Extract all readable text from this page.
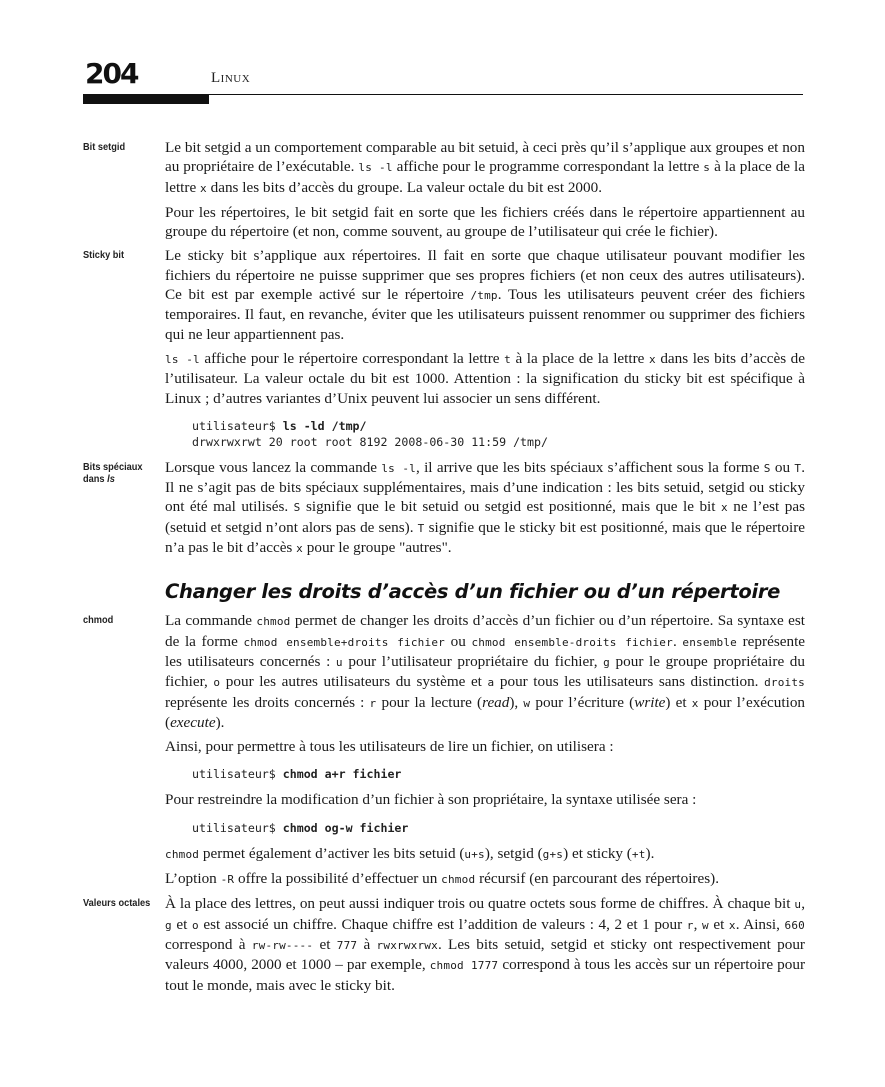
204	Linux
Bit setgid	Le bit setgid a un comportement comparable au bit setuid, à ceci près qu’il s’applique aux groupes et non au propriétaire de l’exécutable. ls -l affiche pour le programme correspondant la lettre s à la place de la lettre x dans les bits d’accès du groupe. La valeur octale du bit est 2000.

Pour les répertoires, le bit setgid fait en sorte que les fichiers créés dans le répertoire appartiennent au groupe du répertoire (et non, comme souvent, au groupe de l’utilisateur qui crée le fichier).

Sticky bit	Le sticky bit s’applique aux répertoires. Il fait en sorte que chaque utilisateur pouvant modifier les fichiers du répertoire ne puisse supprimer que ses propres fichiers (et non ceux des autres utilisateurs). Ce bit est par exemple activé sur le répertoire /tmp. Tous les utilisateurs peuvent créer des fichiers temporaires. Il faut, en revanche, éviter que les utilisateurs puissent renommer ou supprimer des fichiers qui ne leur appartiennent pas.

ls -l affiche pour le répertoire correspondant la lettre t à la place de la lettre x dans les bits d’accès de l’utilisateur. La valeur octale du bit est 1000. Attention : la signification du sticky bit est spécifique à Linux ; d’autres variantes d’Unix peuvent lui associer un sens différent.

utilisateur$ ls -ld /tmp/
drwxrwxrwt 20 root root 8192 2008-06-30 11:59 /tmp/
Bits spéciaux
dans ls

Lorsque vous lancez la commande ls -l, il arrive que les bits spéciaux s’affichent sous la forme S ou T. Il ne s’agit pas de bits spéciaux supplémentaires, mais d’une indication : les bits setuid, setgid ou sticky ont été mal utilisés. S signifie que le bit setuid ou setgid est positionné, mais que le bit x ne l’est pas (setuid et setgid n’ont alors pas de sens). T signifie que le sticky bit est positionné, mais que le répertoire n’a pas le bit d’accès x pour le groupe "autres".

Changer les droits d’accès d’un fichier ou d’un répertoire
chmod	La commande chmod permet de changer les droits d’accès d’un fichier ou d’un répertoire. Sa syntaxe est de la forme chmod ensemble+droits fichier ou chmod ensemble-droits fichier. ensemble représente les utilisateurs concernés : u pour l’utilisateur propriétaire du fichier, g pour le groupe propriétaire du fichier, o pour les autres utilisateurs du système et a pour tous les utilisateurs sans distinction. droits représente les droits concernés : r pour la lecture (read), w pour l’écriture (write) et x pour l’exécution (execute).

Ainsi, pour permettre à tous les utilisateurs de lire un fichier, on utilisera :

utilisateur$ chmod a+r fichier

Pour restreindre la modification d’un fichier à son propriétaire, la syntaxe utilisée sera :

utilisateur$ chmod og-w fichier

chmod permet également d’activer les bits setuid (u+s), setgid (g+s) et sticky (+t).

L’option -R offre la possibilité d’effectuer un chmod récursif (en parcourant des répertoires).

Valeurs octales À la place des lettres, on peut aussi indiquer trois ou quatre octets sous forme de chiffres. À chaque bit u, g et o est associé un chiffre. Chaque chiffre est l’addition de valeurs : 4, 2 et 1 pour r, w et x. Ainsi, 660 correspond à rw-rw---- et 777 à rwxrwxrwx. Les bits setuid, setgid et sticky ont respectivement pour valeurs 4000, 2000 et 1000 – par exemple, chmod 1777 correspond à tous les accès sur un répertoire pour tout le monde, mais avec le sticky bit.
